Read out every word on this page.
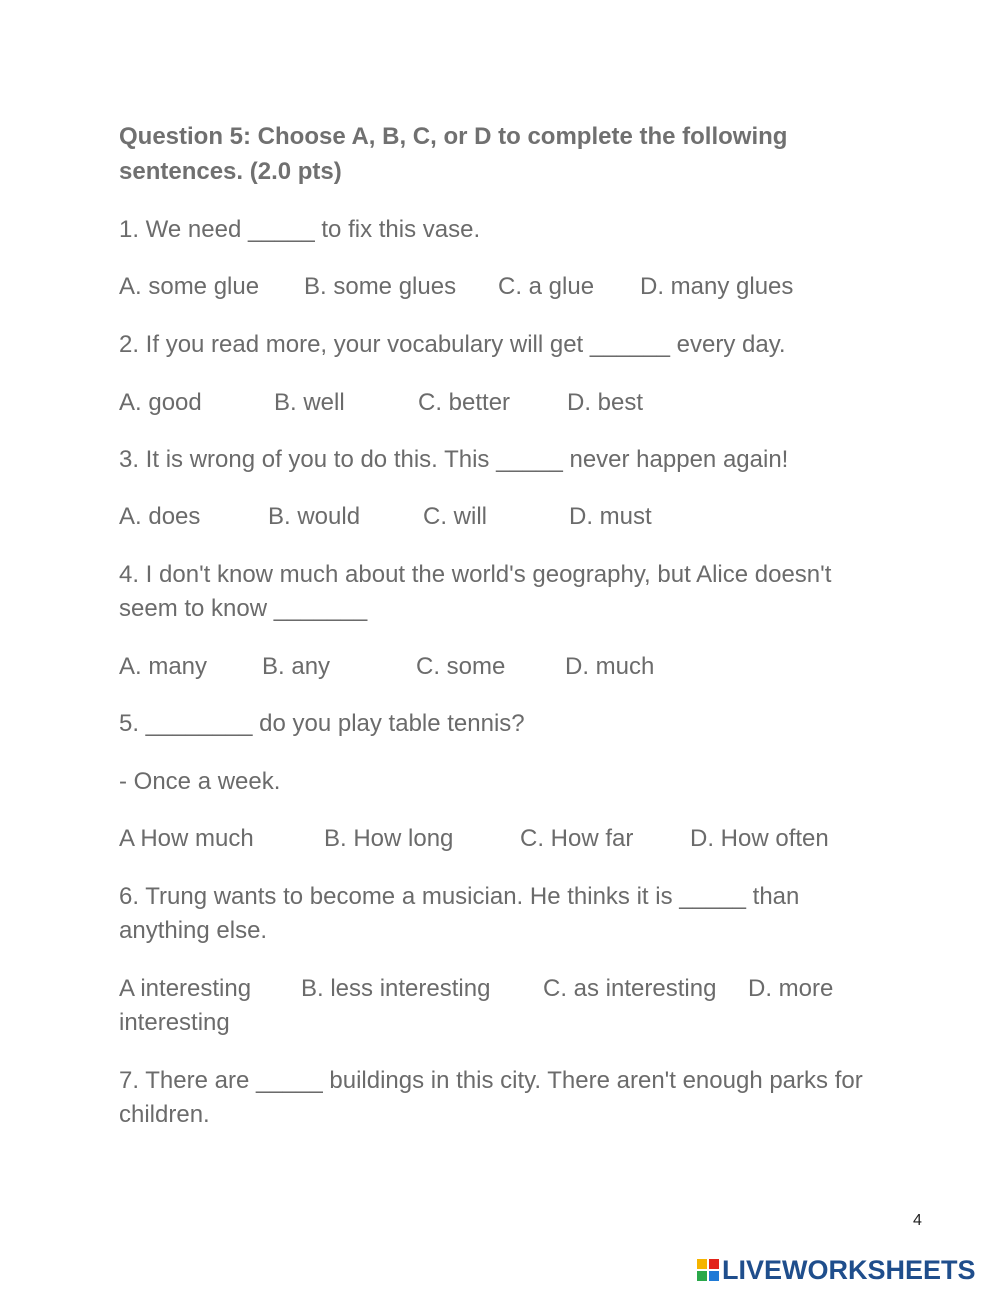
Question 5: Choose A, B, C, or D to complete the following
sentences. (2.0 pts)
1. We need _____ to fix this vase.
A. some glue B. some glues C. a glue D. many glues
2. If you read more, your vocabulary will get ______ every day.
A. good	B. well	C. better D. best
3. It is wrong of you to do this. This _____ never happen again!
A. does	B. would	C. will	D. must
4. I don't know much about the world's geography, but Alice doesn't
seem to know _______
A. many B. any	C. some D. much
5. ________ do you play table tennis?
- Once a week.
A How much	B. How long	C. How far D. How often
6. Trung wants to become a musician. He thinks it is _____ than
anything else.
A interesting B. less interesting C. as interesting D. more
interesting
7. There are _____ buildings in this city. There aren't enough parks for
children.
4
LIVEWORKSHEETS
